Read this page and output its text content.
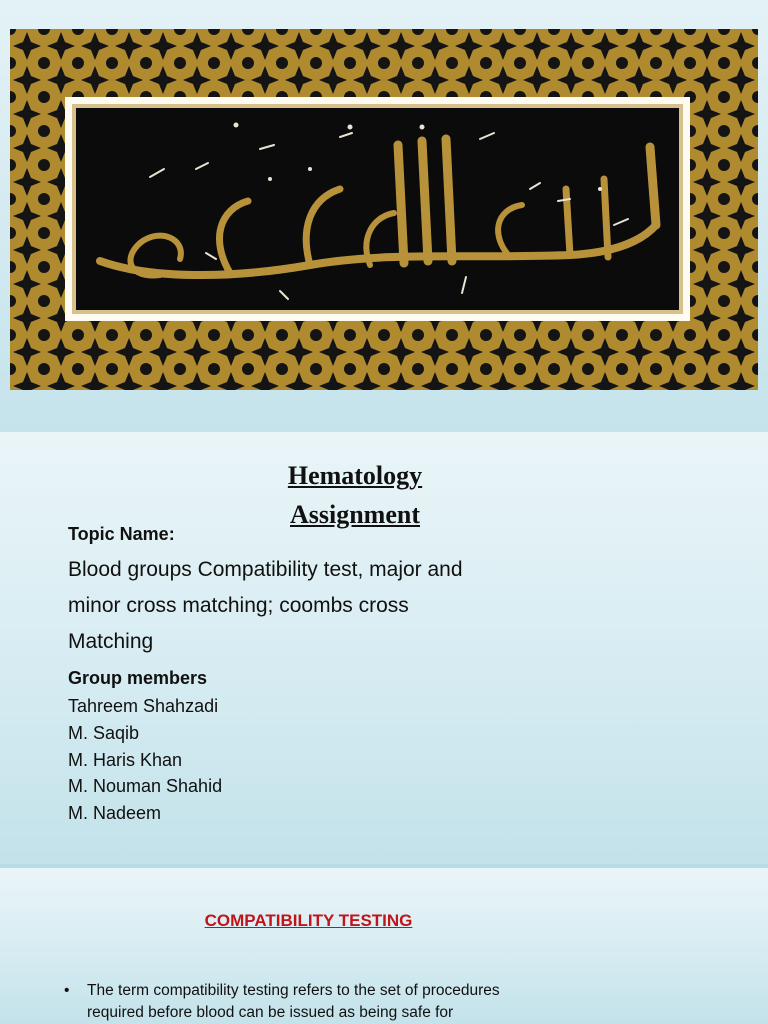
Hematology
Assignment
Topic Name:
Blood groups Compatibility test, major and
minor cross matching; coombs cross
Matching
Group members
Tahreem Shahzadi
M. Saqib
M. Haris Khan
M. Nouman Shahid
M. Nadeem
COMPATIBILITY TESTING
• The term compatibility testing refers to the set of procedures
required before blood can be issued as being safe for
